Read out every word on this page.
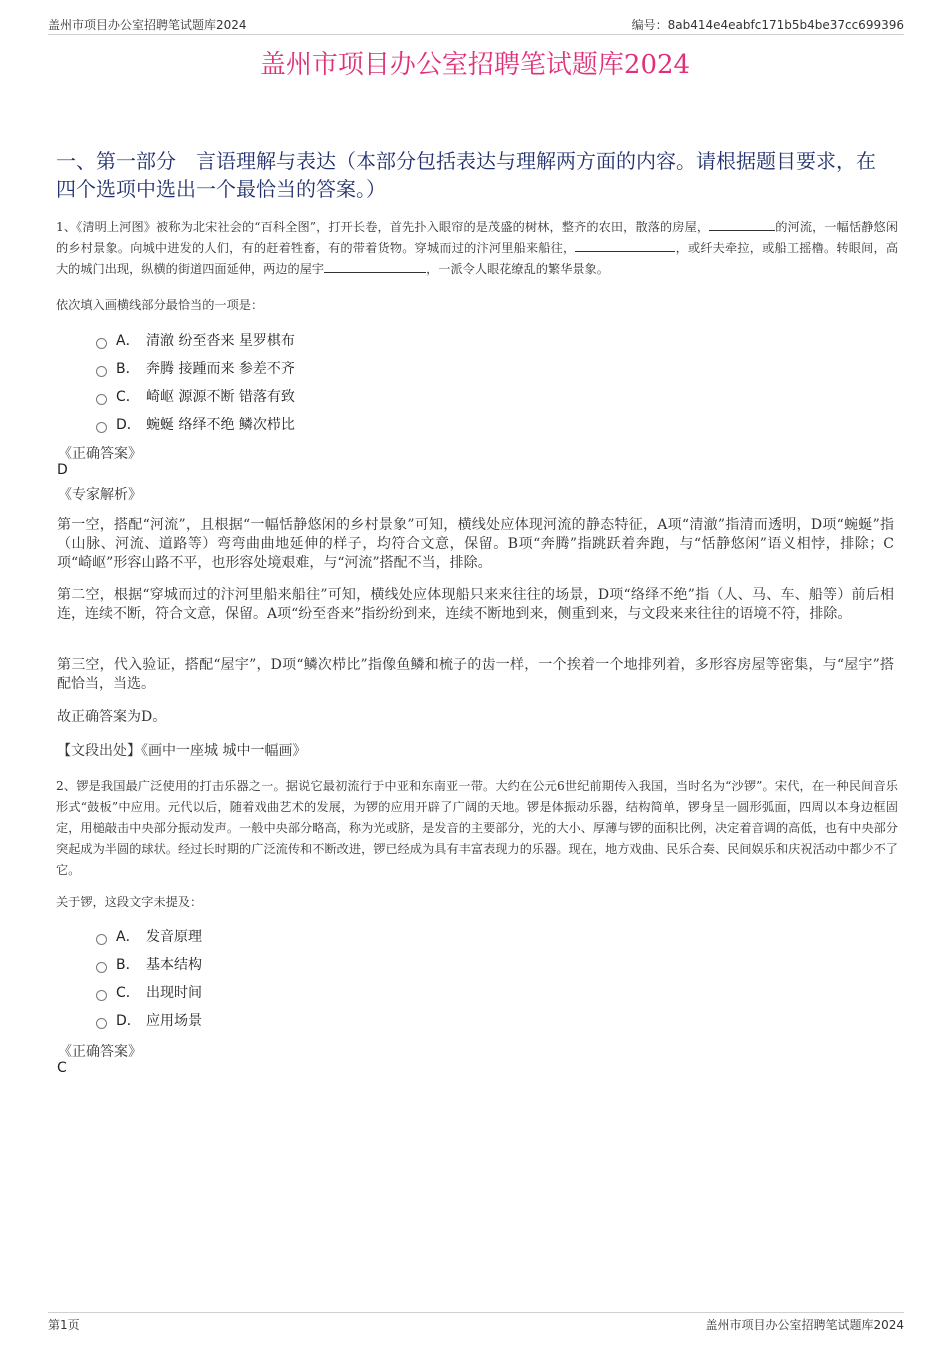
盖州市项目办公室招聘笔试题库2024	编号：8ab414e4eabfc171b5b4be37cc699396
盖州市项目办公室招聘笔试题库2024
一、第一部分　言语理解与表达（本部分包括表达与理解两方面的内容。请根据题目要求，在四个选项中选出一个最恰当的答案。）
1、《清明上河图》被称为北宋社会的“百科全图”，打开长卷，首先扑入眼帘的是茂盛的树林，整齐的农田，散落的房屋，	的河流，一幅恬静悠闲的乡村景象。向城中进发的人们，有的赶着牲畜，有的带着货物。穿城而过的汴河里船来船往，	，或纤夫牵拉，或船工摇橹。转眼间，高大的城门出现，纵横的街道四面延伸，两边的屋宇	，一派令人眼花缭乱的繁华景象。
依次填入画横线部分最恰当的一项是：
A． 清澈 纷至沓来 星罗棋布
B． 奔腾 接踵而来 参差不齐
C． 崎岖 源源不断 错落有致
D． 蜿蜒 络绎不绝 鳞次栉比
《正确答案》
D
《专家解析》
第一空，搭配“河流”，且根据“一幅恬静悠闲的乡村景象”可知，横线处应体现河流的静态特征，A项“清澈”指清而透明，D项“蜿蜒”指（山脉、河流、道路等）弯弯曲曲地延伸的样子，均符合文意，保留。B项“奔腾”指跳跃着奔跑，与“恬静悠闲”语义相悖，排除；C项“崎岖”形容山路不平，也形容处境艰难，与“河流”搭配不当，排除。
第二空，根据“穿城而过的汴河里船来船往”可知，横线处应体现船只来来往往的场景，D项“络绎不绝”指（人、马、车、船等）前后相连，连续不断，符合文意，保留。A项“纷至沓来”指纷纷到来，连续不断地到来，侧重到来，与文段来来往往的语境不符，排除。
第三空，代入验证，搭配“屋宇”，D项“鳞次栉比”指像鱼鳞和梳子的齿一样，一个挨着一个地排列着，多形容房屋等密集，与“屋宇”搭配恰当，当选。
故正确答案为D。
【文段出处】《画中一座城 城中一幅画》
2、锣是我国最广泛使用的打击乐器之一。据说它最初流行于中亚和东南亚一带。大约在公元6世纪前期传入我国，当时名为“沙锣”。宋代，在一种民间音乐形式“鼓板”中应用。元代以后，随着戏曲艺术的发展，为锣的应用开辟了广阔的天地。锣是体振动乐器，结构简单，锣身呈一圆形弧面，四周以本身边框固定，用槌敲击中央部分振动发声。一般中央部分略高，称为光或脐，是发音的主要部分，光的大小、厚薄与锣的面积比例，决定着音调的高低，也有中央部分突起成为半圆的球状。经过长时期的广泛流传和不断改进，锣已经成为具有丰富表现力的乐器。现在，地方戏曲、民乐合奏、民间娱乐和庆祝活动中都少不了它。
关于锣，这段文字未提及：
A． 发音原理
B． 基本结构
C． 出现时间
D． 应用场景
《正确答案》
C
第1页	盖州市项目办公室招聘笔试题库2024
